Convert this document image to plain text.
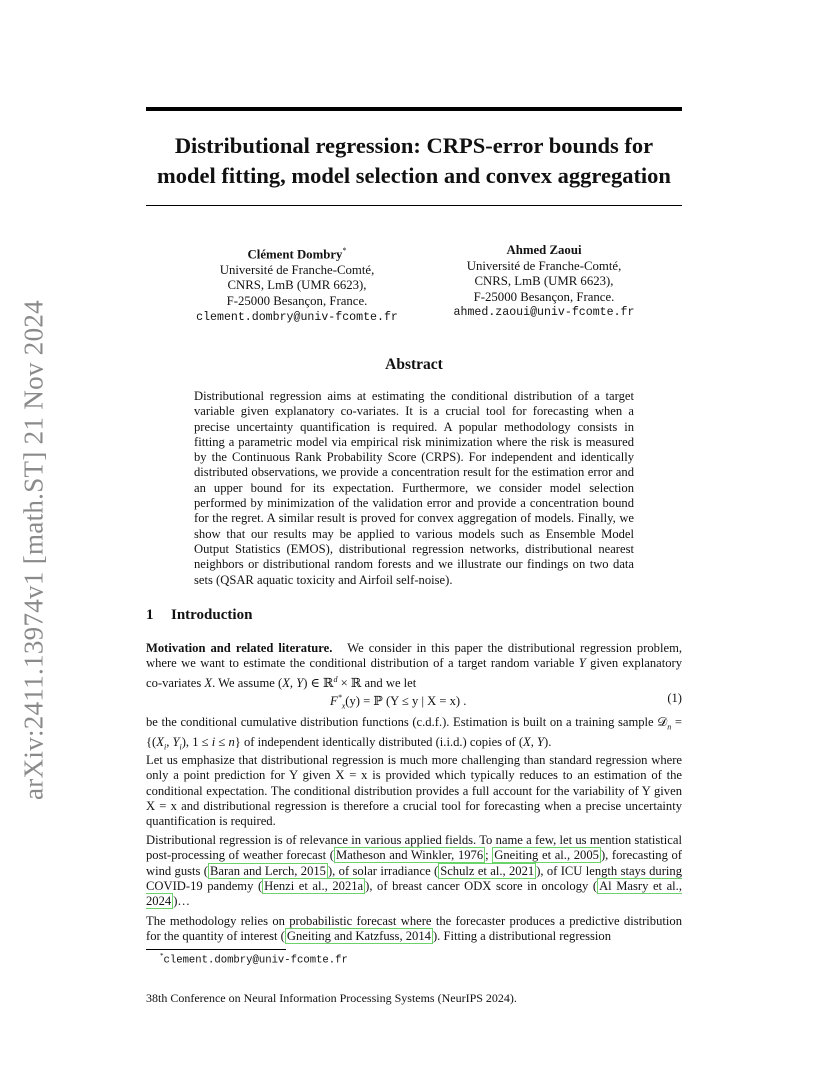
arXiv:2411.13974v1 [math.ST] 21 Nov 2024
Distributional regression: CRPS-error bounds for
model fitting, model selection and convex aggregation
Clément Dombry*
Université de Franche-Comté,
CNRS, LmB (UMR 6623),
F-25000 Besançon, France.
clement.dombry@univ-fcomte.fr
Ahmed Zaoui
Université de Franche-Comté,
CNRS, LmB (UMR 6623),
F-25000 Besançon, France.
ahmed.zaoui@univ-fcomte.fr
Abstract
Distributional regression aims at estimating the conditional distribution of a target variable given explanatory co-variates. It is a crucial tool for forecasting when a precise uncertainty quantification is required. A popular methodology consists in fitting a parametric model via empirical risk minimization where the risk is measured by the Continuous Rank Probability Score (CRPS). For independent and identically distributed observations, we provide a concentration result for the estimation error and an upper bound for its expectation. Furthermore, we consider model selection performed by minimization of the validation error and provide a concentration bound for the regret. A similar result is proved for convex aggregation of models. Finally, we show that our results may be applied to various models such as Ensemble Model Output Statistics (EMOS), distributional regression networks, distributional nearest neighbors or distributional random forests and we illustrate our findings on two data sets (QSAR aquatic toxicity and Airfoil self-noise).
1 Introduction
Motivation and related literature. We consider in this paper the distributional regression problem, where we want to estimate the conditional distribution of a target random variable Y given explanatory co-variates X. We assume (X, Y) ∈ ℝ$^d$ × ℝ and we let
$F^*_x(y)$ = ℙ (Y ≤ y | X = x) .	(1)
be the conditional cumulative distribution functions (c.d.f.). Estimation is built on a training sample 𝒟$_n$ = {($X_i$, $Y_i$), 1 ≤ i ≤ n} of independent identically distributed (i.i.d.) copies of (X, Y).
Let us emphasize that distributional regression is much more challenging than standard regression where only a point prediction for Y given X = x is provided which typically reduces to an estimation of the conditional expectation. The conditional distribution provides a full account for the variability of Y given X = x and distributional regression is therefore a crucial tool for forecasting when a precise uncertainty quantification is required.
Distributional regression is of relevance in various applied fields. To name a few, let us mention statistical post-processing of weather forecast ( Matheson and Winkler, 1976 ; Gneiting et al., 2005 ), forecasting of wind gusts ( Baran and Lerch, 2015 ), of solar irradiance ( Schulz et al., 2021 ), of ICU length stays during COVID-19 pandemy ( Henzi et al., 2021a ), of breast cancer ODX score in oncology ( Al Masry et al., 2024 )…
The methodology relies on probabilistic forecast where the forecaster produces a predictive distribution for the quantity of interest ( Gneiting and Katzfuss, 2014 ). Fitting a distributional regression
*clement.dombry@univ-fcomte.fr
38th Conference on Neural Information Processing Systems (NeurIPS 2024).
